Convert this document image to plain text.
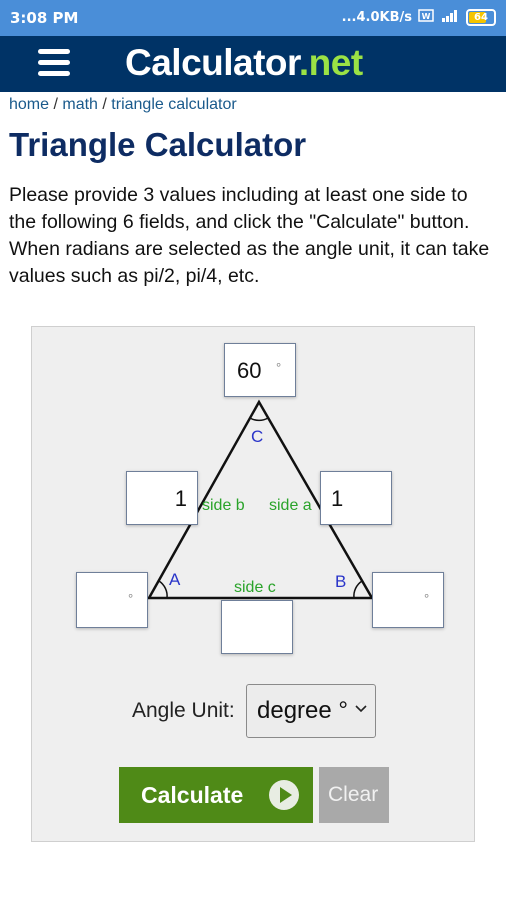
3:08 PM	...4.0KB/s W	64
Calculator.net
home / math / triangle calculator
Triangle Calculator

Please provide 3 values including at least one side to the following 6 fields, and click the "Calculate" button. When radians are selected as the angle unit, it can take values such as pi/2, pi/4, etc.

C
A	B
side b side a
side c
60 °
1	1
°	°
Angle Unit: degree °
Calculate	Clear
